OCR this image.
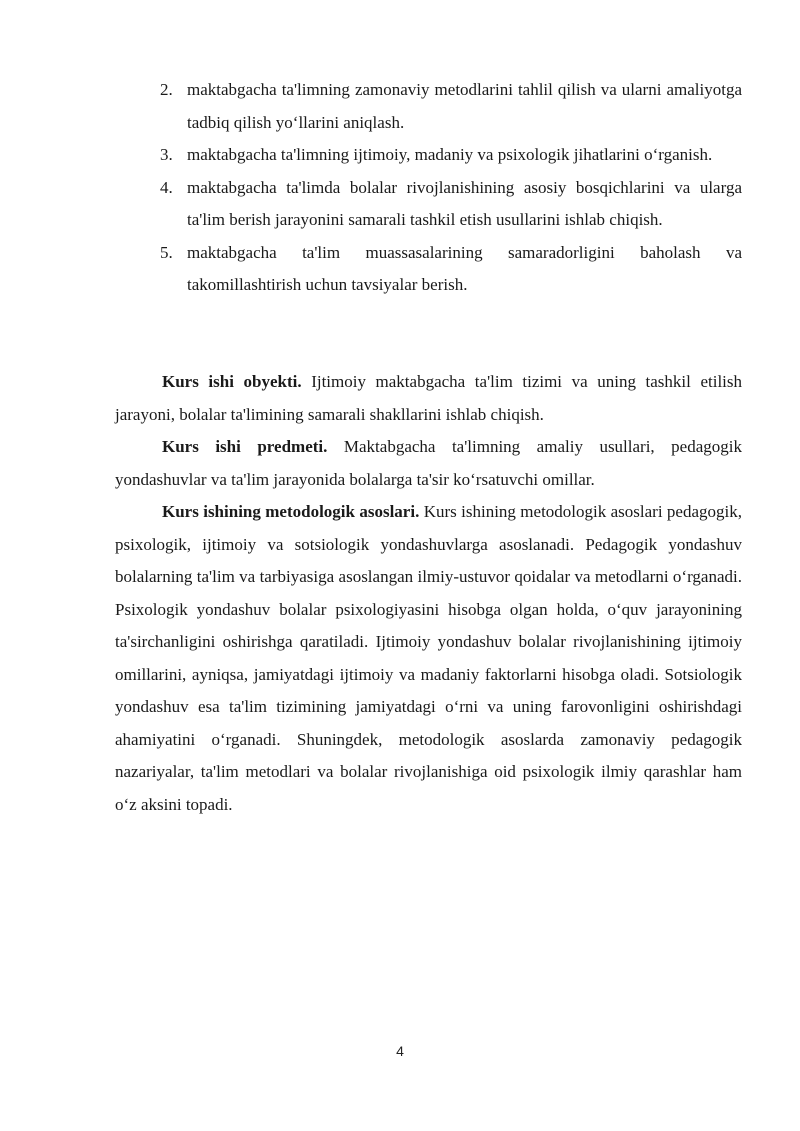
2. maktabgacha ta'limning zamonaviy metodlarini tahlil qilish va ularni amaliyotga tadbiq qilish yo‘llarini aniqlash.
3. maktabgacha ta'limning ijtimoiy, madaniy va psixologik jihatlarini o‘rganish.
4. maktabgacha ta'limda bolalar rivojlanishining asosiy bosqichlarini va ularga ta'lim berish jarayonini samarali tashkil etish usullarini ishlab chiqish.
5. maktabgacha ta'lim muassasalarining samaradorligini baholash va takomillashtirish uchun tavsiyalar berish.

Kurs ishi obyekti. Ijtimoiy maktabgacha ta'lim tizimi va uning tashkil etilish jarayoni, bolalar ta'limining samarali shakllarini ishlab chiqish.

Kurs ishi predmeti. Maktabgacha ta'limning amaliy usullari, pedagogik yondashuvlar va ta'lim jarayonida bolalarga ta'sir ko‘rsatuvchi omillar.

Kurs ishining metodologik asoslari. Kurs ishining metodologik asoslari pedagogik, psixologik, ijtimoiy va sotsiologik yondashuvlarga asoslanadi. Pedagogik yondashuv bolalarning ta'lim va tarbiyasiga asoslangan ilmiy-ustuvor qoidalar va metodlarni o‘rganadi. Psixologik yondashuv bolalar psixologiyasini hisobga olgan holda, o‘quv jarayonining ta'sirchanligini oshirishga qaratiladi. Ijtimoiy yondashuv bolalar rivojlanishining ijtimoiy omillarini, ayniqsa, jamiyatdagi ijtimoiy va madaniy faktorlarni hisobga oladi. Sotsiologik yondashuv esa ta'lim tizimining jamiyatdagi o‘rni va uning farovonligini oshirishdagi ahamiyatini o‘rganadi. Shuningdek, metodologik asoslarda zamonaviy pedagogik nazariyalar, ta'lim metodlari va bolalar rivojlanishiga oid psixologik ilmiy qarashlar ham o‘z aksini topadi.

4
